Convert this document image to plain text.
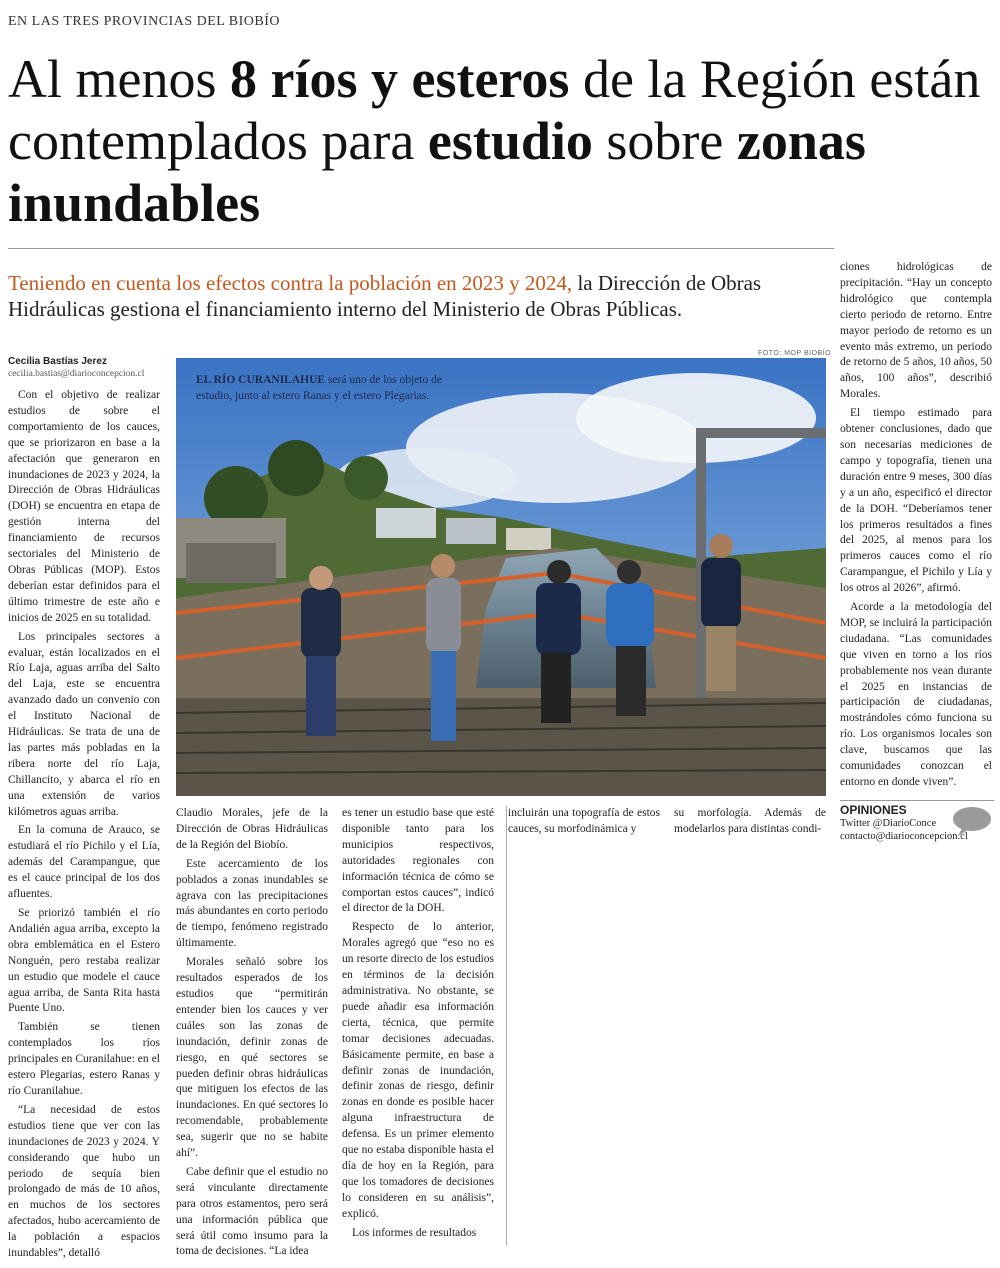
EN LAS TRES PROVINCIAS DEL BIOBÍO
Al menos 8 ríos y esteros de la Región están contemplados para estudio sobre zonas inundables
Teniendo en cuenta los efectos contra la población en 2023 y 2024, la Dirección de Obras Hidráulicas gestiona el financiamiento interno del Ministerio de Obras Públicas.
Cecilia Bastías Jerez
cecilia.bastias@diarioconcepcion.cl
FOTO: MOP BIOBÍO
EL RÍO CURANILAHUE será uno de los objeto de estudio, junto al estero Ranas y el estero Plegarias.

Con el objetivo de realizar estudios de sobre el comportamiento de los cauces, que se priorizaron en base a la afectación que generaron en inundaciones de 2023 y 2024, la Dirección de Obras Hidráulicas (DOH) se encuentra en etapa de gestión interna del financiamiento de recursos sectoriales del Ministerio de Obras Públicas (MOP). Estos deberían estar definidos para el último trimestre de este año e inicios de 2025 en su totalidad.

Los principales sectores a evaluar, están localizados en el Río Laja, aguas arriba del Salto del Laja, este se encuentra avanzado dado un convenio con el Instituto Nacional de Hidráulicas. Se trata de una de las partes más pobladas en la ribera norte del río Laja, Chillancito, y abarca el río en una extensión de varios kilómetros aguas arriba.

En la comuna de Arauco, se estudiará el río Pichilo y el Lía, además del Carampangue, que es el cauce principal de los dos afluentes.

Se priorizó también el río Andalién agua arriba, excepto la obra emblemática en el Estero Nonguén, pero restaba realizar un estudio que modele el cauce agua arriba, de Santa Rita hasta Puente Uno.

También se tienen contemplados los ríos principales en Curanilahue: en el estero Plegarias, estero Ranas y río Curanilahue.

“La necesidad de estos estudios tiene que ver con las inundaciones de 2023 y 2024. Y considerando que hubo un periodo de sequía bien prolongado de más de 10 años, en muchos de los sectores afectados, hubo acercamiento de la población a espacios inundables”, detalló

Claudio Morales, jefe de la Dirección de Obras Hidráulicas de la Región del Biobío.

Este acercamiento de los poblados a zonas inundables se agrava con las precipitaciones más abundantes en corto periodo de tiempo, fenómeno registrado últimamente.

Morales señaló sobre los resultados esperados de los estudios que “permitirán entender bien los cauces y ver cuáles son las zonas de inundación, definir zonas de riesgo, en qué sectores se pueden definir obras hidráulicas que mitiguen los efectos de las inundaciones. En qué sectores lo recomendable, probablemente sea, sugerir que no se habite ahí”.

Cabe definir que el estudio no será vinculante directamente para otros estamentos, pero será una información pública que será útil como insumo para la toma de decisiones. “La idea

es tener un estudio base que esté disponible tanto para los municipios respectivos, autoridades regionales con información técnica de cómo se comportan estos cauces”, indicó el director de la DOH.

Respecto de lo anterior, Morales agregó que “eso no es un resorte directo de los estudios en términos de la decisión administrativa. No obstante, se puede añadir esa información cierta, técnica, que permite tomar decisiones adecuadas. Básicamente permite, en base a definir zonas de inundación, definir zonas de riesgo, definir zonas en donde es posible hacer alguna infraestructura de defensa. Es un primer elemento que no estaba disponible hasta el día de hoy en la Región, para que los tomadores de decisiones lo consideren en su análisis”, explicó.

Los informes de resultados

incluirán una topografía de estos cauces, su morfodinámica y

su morfología. Además de modelarlos para distintas condi-

ciones hidrológicas de precipitación. “Hay un concepto hidrológico que contempla cierto periodo de retorno. Entre mayor periodo de retorno es un evento más extremo, un periodo de retorno de 5 años, 10 años, 50 años, 100 años”, describió Morales.

El tiempo estimado para obtener conclusiones, dado que son necesarias mediciones de campo y topografía, tienen una duración entre 9 meses, 300 días y a un año, especificó el director de la DOH. “Deberíamos tener los primeros resultados a fines del 2025, al menos para los primeros cauces como el río Carampangue, el Pichilo y Lía y los otros al 2026”, afirmó.

Acorde a la metodología del MOP, se incluirá la participación ciudadana. “Las comunidades que viven en torno a los ríos probablemente nos vean durante el 2025 en instancias de participación de ciudadanas, mostrándoles cómo funciona su río. Los organismos locales son clave, buscamos que las comunidades conozcan el entorno en donde viven”.

OPINIONES
Twitter @DiarioConce
contacto@diarioconcepcion.cl
